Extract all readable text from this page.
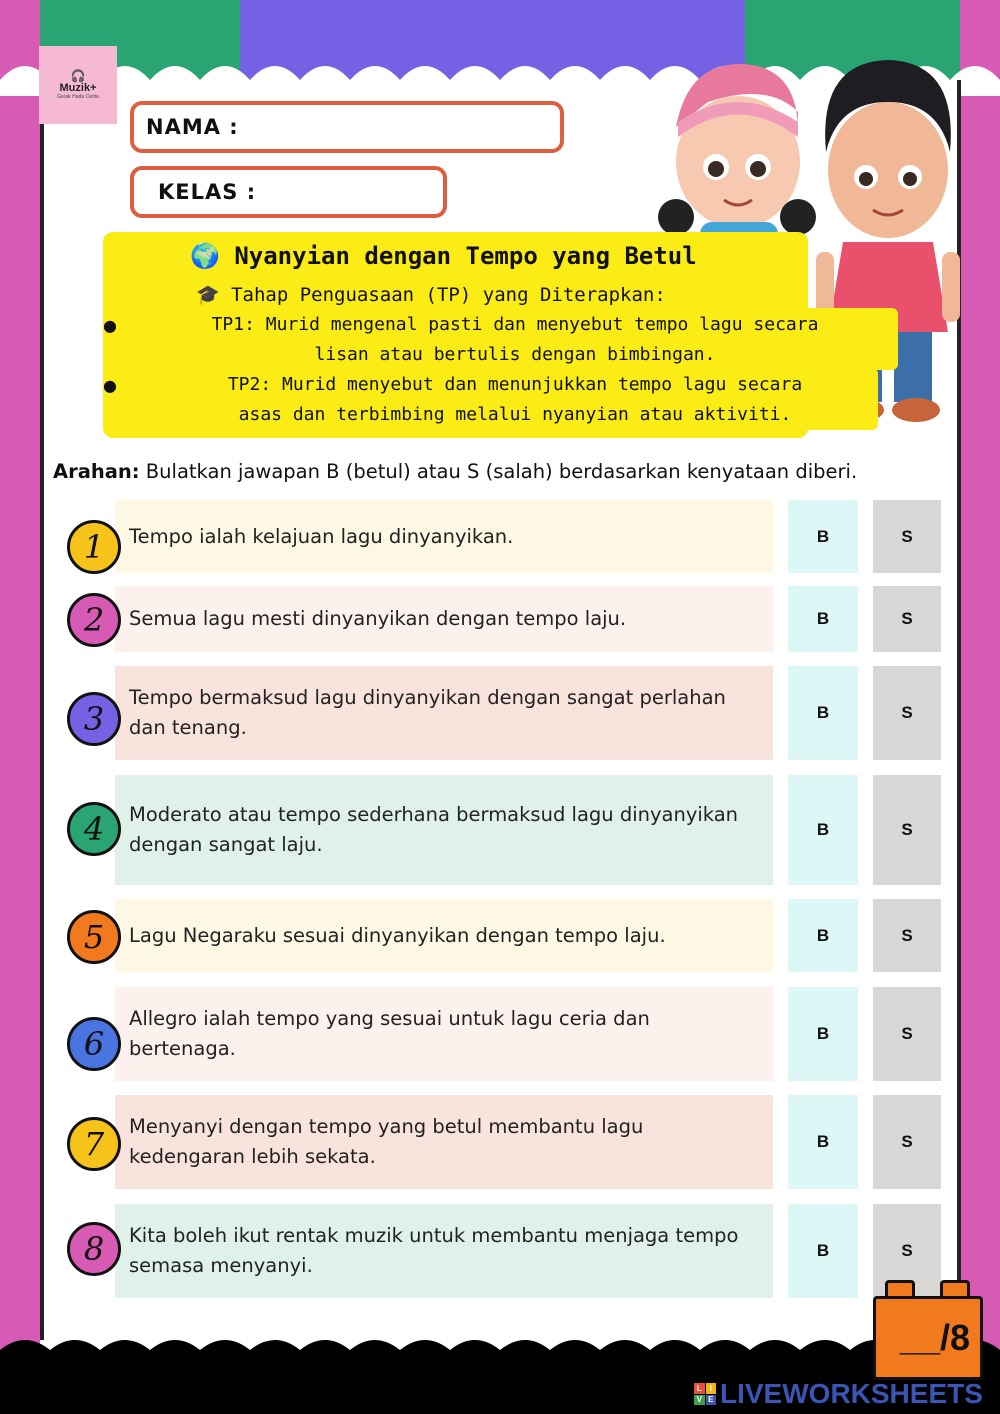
🎧
Muzik+
Gerak Hada Cerita
NAMA :
KELAS :
🌍 Nyanyian dengan Tempo yang Betul
🎓 Tahap Penguasaan (TP) yang Diterapkan:
●	TP1: Murid mengenal pasti dan menyebut tempo lagu secara
lisan atau bertulis dengan bimbingan.
●	TP2: Murid menyebut dan menunjukkan tempo lagu secara
asas dan terbimbing melalui nyanyian atau aktiviti.
Arahan: Bulatkan jawapan B (betul) atau S (salah) berdasarkan kenyataan diberi.
Tempo ialah kelajuan lagu dinyanyikan.
1	B	S
Semua lagu mesti dinyanyikan dengan tempo laju.
2	B	S
Tempo bermaksud lagu dinyanyikan dengan sangat perlahan dan tenang.
3	B	S
Moderato atau tempo sederhana bermaksud lagu dinyanyikan dengan sangat laju.
4	B	S
Lagu Negaraku sesuai dinyanyikan dengan tempo laju.
5	B	S
Allegro ialah tempo yang sesuai untuk lagu ceria dan bertenaga.
6	B	S
Menyanyi dengan tempo yang betul membantu lagu kedengaran lebih sekata.
7	B	S
Kita boleh ikut rentak muzik untuk membantu menjaga tempo semasa menyanyi.
8	B	S
__/8
L I
V E LIVEWORKSHEETS
